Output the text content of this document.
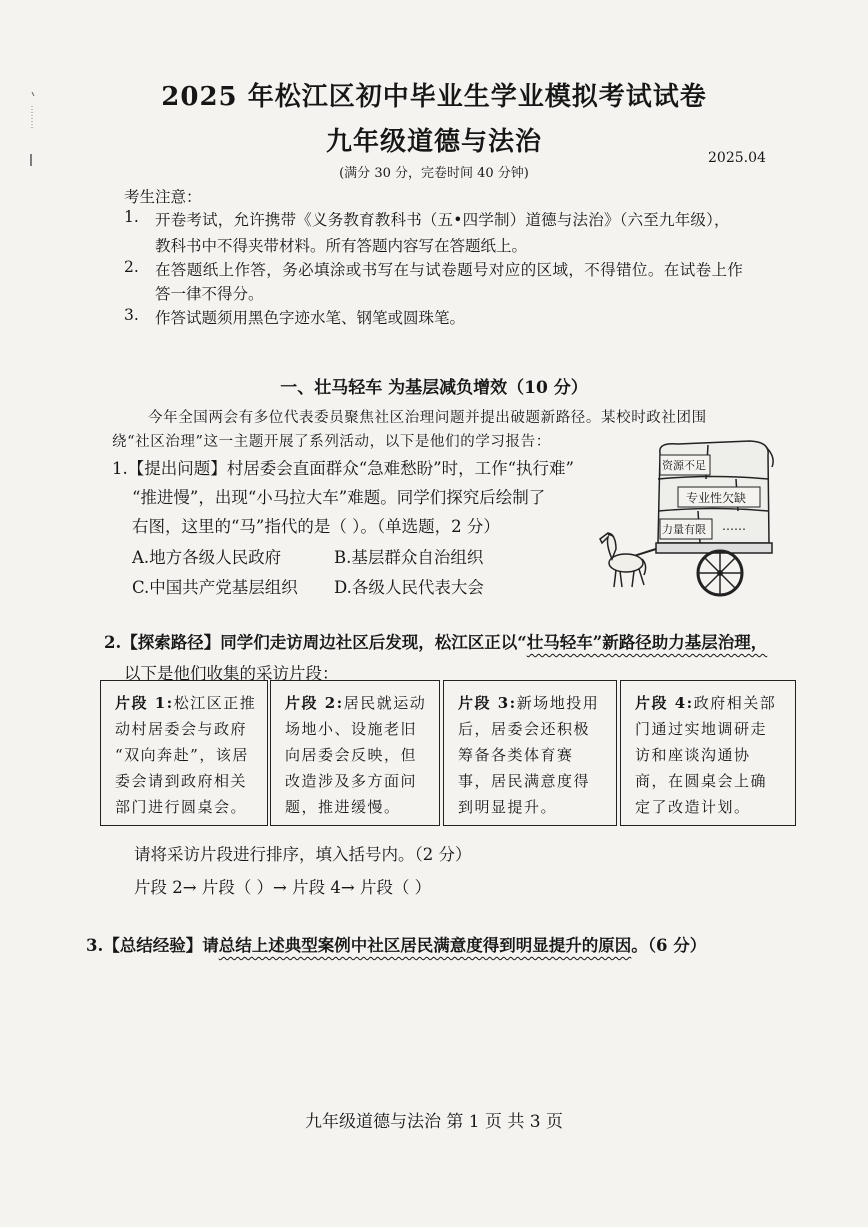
2025 年松江区初中毕业生学业模拟考试试卷
九年级道德与法治
2025.04
(满分 30 分，完卷时间 40 分钟)
考生注意：
1. 开卷考试，允许携带《义务教育教科书（五•四学制）道德与法治》（六至九年级），
教科书中不得夹带材料。所有答题内容写在答题纸上。
2. 在答题纸上作答，务必填涂或书写在与试卷题号对应的区域，不得错位。在试卷上作
答一律不得分。
3. 作答试题须用黑色字迹水笔、钢笔或圆珠笔。
一、壮马轻车 为基层减负增效（10 分）
今年全国两会有多位代表委员聚焦社区治理问题并提出破题新路径。某校时政社团围
绕“社区治理”这一主题开展了系列活动，以下是他们的学习报告：
1.【提出问题】村居委会直面群众“急难愁盼”时，工作“执行难”
“推进慢”，出现“小马拉大车”难题。同学们探究后绘制了
右图，这里的“马”指代的是（ ）。（单选题，2 分）
A.地方各级人民政府	B.基层群众自治组织
C.中国共产党基层组织 D.各级人民代表大会
资源不足
专业性欠缺
力量有限 ……
2.【探索路径】同学们走访周边社区后发现，松江区正以“壮马轻车”新路径助力基层治理，
以下是他们收集的采访片段：
片段 1:松江区正推
动村居委会与政府
“双向奔赴”，该居
委会请到政府相关
部门进行圆桌会。
片段 2:居民就运动
场地小、设施老旧
向居委会反映，但
改造涉及多方面问
题，推进缓慢。
片段 3:新场地投用
后，居委会还积极
筹备各类体育赛
事，居民满意度得
到明显提升。
片段 4:政府相关部
门通过实地调研走
访和座谈沟通协
商，在圆桌会上确
定了改造计划。
请将采访片段进行排序，填入括号内。（2 分）
片段 2→ 片段（ ）→ 片段 4→ 片段（ ）
3.【总结经验】请总结上述典型案例中社区居民满意度得到明显提升的原因。（6 分）
九年级道德与法治 第 1 页 共 3 页
